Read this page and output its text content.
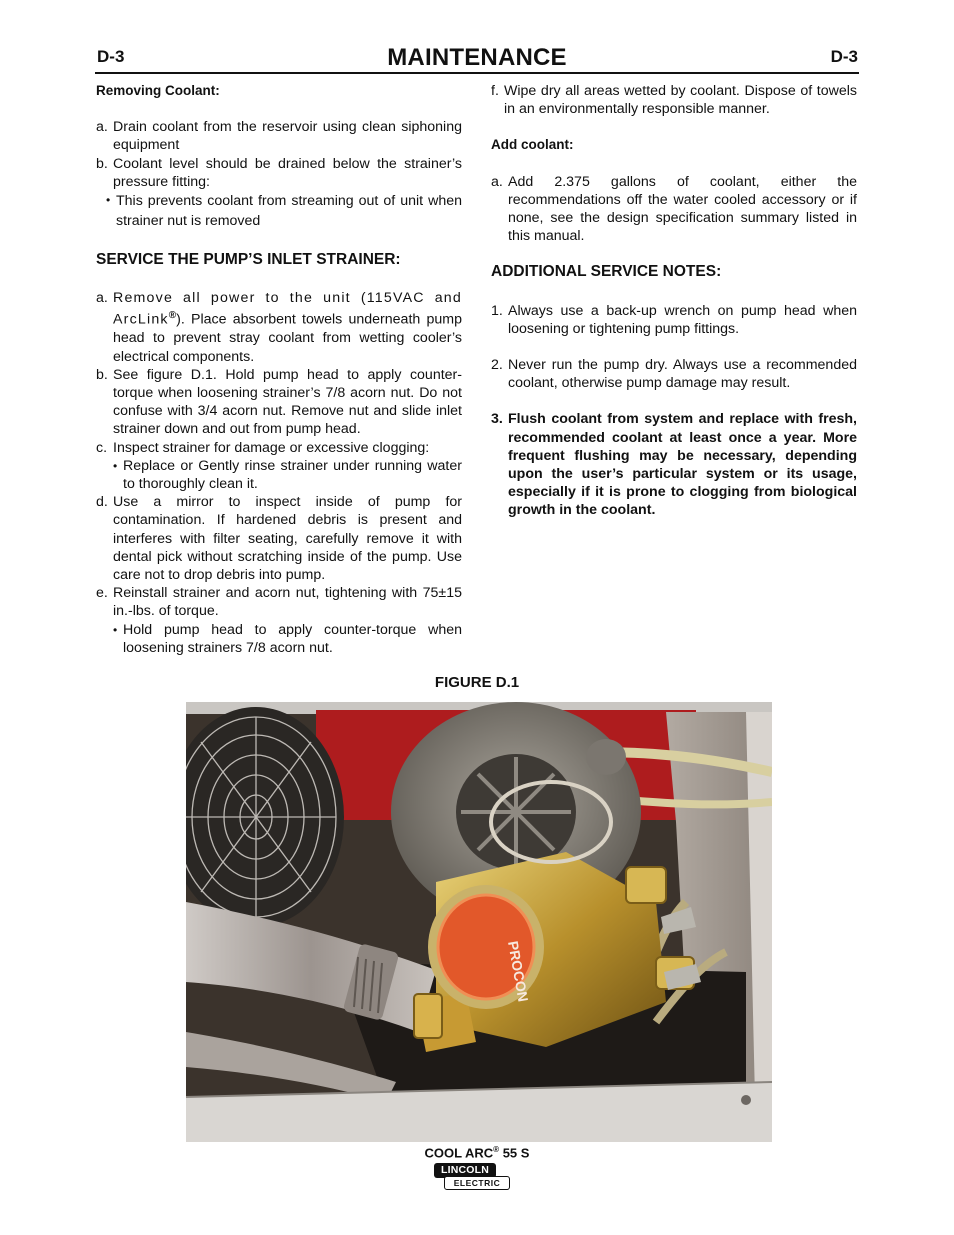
D-3	MAINTENANCE	D-3

Removing Coolant:

a. Drain coolant from the reservoir using clean siphoning equipment
b. Coolant level should be drained below the strainer’s pressure fitting:
• This prevents coolant from streaming out of unit when strainer nut is removed

SERVICE THE PUMP’S INLET STRAINER:

a. Remove all power to the unit (115VAC and ArcLink®). Place absorbent towels underneath pump head to prevent stray coolant from wetting cooler’s electrical components.
b. See figure D.1. Hold pump head to apply counter-torque when loosening strainer’s 7/8 acorn nut. Do not confuse with 3/4 acorn nut. Remove nut and slide inlet strainer down and out from pump head.
c. Inspect strainer for damage or excessive clogging:
• Replace or Gently rinse strainer under running water to thoroughly clean it.
d. Use a mirror to inspect inside of pump for contamination. If hardened debris is present and interferes with filter seating, carefully remove it with dental pick without scratching inside of the pump. Use care not to drop debris into pump.
e. Reinstall strainer and acorn nut, tightening with 75±15 in.-lbs. of torque.
• Hold pump head to apply counter-torque when loosening strainers 7/8 acorn nut.
f. Wipe dry all areas wetted by coolant. Dispose of towels in an environmentally responsible manner.

Add coolant:

a. Add 2.375 gallons of coolant, either the recommendations off the water cooled accessory or if none, see the design specification summary listed in this manual.

ADDITIONAL SERVICE NOTES:

1. Always use a back-up wrench on pump head when loosening or tightening pump fittings.
2. Never run the pump dry. Always use a recommended coolant, otherwise pump damage may result.
3. Flush coolant from system and replace with fresh, recommended coolant at least once a year. More frequent flushing may be necessary, depending upon the user’s particular system or its usage, especially if it is prone to clogging from biological growth in the coolant.
FIGURE D.1
PROCON
COOL ARC® 55 S
LINCOLN
ELECTRIC
